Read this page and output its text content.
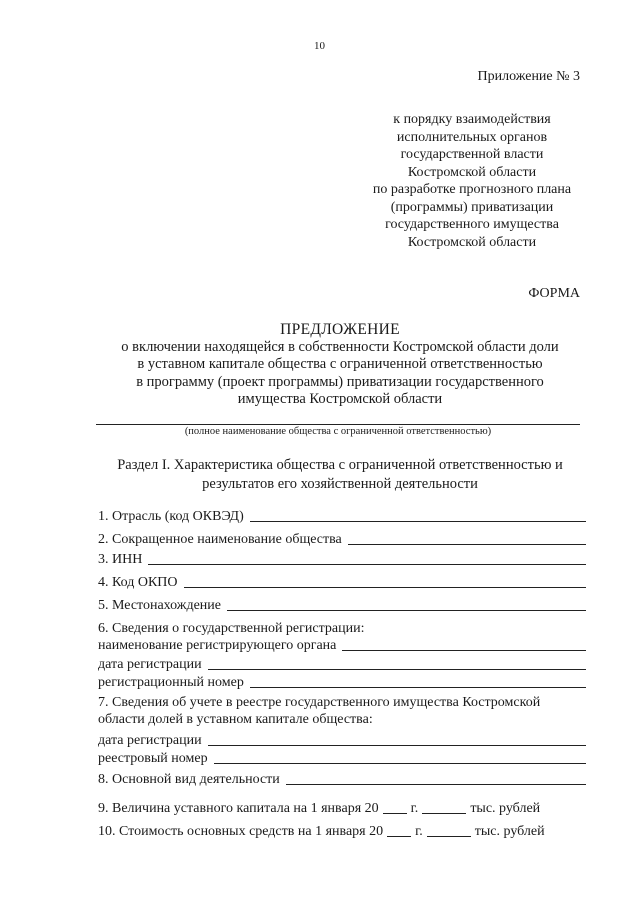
10
Приложение № 3
к порядку взаимодействия
исполнительных органов
государственной власти
Костромской области
по разработке прогнозного плана
(программы) приватизации
государственного имущества
Костромской области
ФОРМА
ПРЕДЛОЖЕНИЕ
о включении находящейся в собственности Костромской области доли
в уставном капитале общества с ограниченной ответственностью
в программу (проект программы) приватизации государственного
имущества Костромской области
(полное наименование общества с ограниченной ответственностью)
Раздел I. Характеристика общества с ограниченной ответственностью и результатов его хозяйственной деятельности
1. Отрасль (код ОКВЭД)
2. Сокращенное наименование общества
3. ИНН
4. Код ОКПО
5. Местонахождение
6. Сведения о государственной регистрации:
наименование регистрирующего органа
дата регистрации
регистрационный номер
7. Сведения об учете в реестре государственного имущества Костромской области долей в уставном капитале общества:
дата регистрации
реестровый номер
8. Основной вид деятельности
9. Величина уставного капитала на 1 января 20 г.	тыс. рублей
10. Стоимость основных средств на 1 января 20 г.	тыс. рублей
